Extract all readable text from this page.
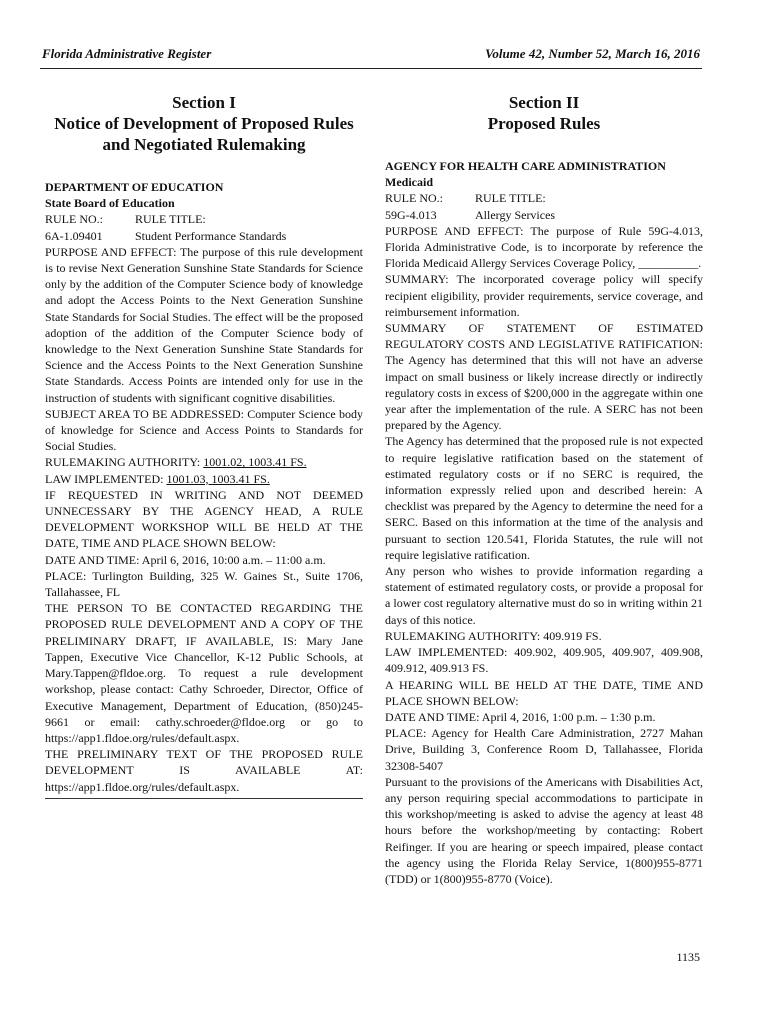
Florida Administrative Register	Volume 42, Number 52, March 16, 2016
Section I
Notice of Development of Proposed Rules
and Negotiated Rulemaking

DEPARTMENT OF EDUCATION

State Board of Education

RULE NO.:	RULE TITLE:
6A-1.09401	Student Performance Standards

PURPOSE AND EFFECT: The purpose of this rule development is to revise Next Generation Sunshine State Standards for Science only by the addition of the Computer Science body of knowledge and adopt the Access Points to the Next Generation Sunshine State Standards for Social Studies. The effect will be the proposed adoption of the addition of the Computer Science body of knowledge to the Next Generation Sunshine State Standards for Science and the Access Points to the Next Generation Sunshine State Standards. Access Points are intended only for use in the instruction of students with significant cognitive disabilities.

SUBJECT AREA TO BE ADDRESSED: Computer Science body of knowledge for Science and Access Points to Standards for Social Studies.

RULEMAKING AUTHORITY: 1001.02, 1003.41 FS.

LAW IMPLEMENTED: 1001.03, 1003.41 FS.

IF REQUESTED IN WRITING AND NOT DEEMED UNNECESSARY BY THE AGENCY HEAD, A RULE DEVELOPMENT WORKSHOP WILL BE HELD AT THE DATE, TIME AND PLACE SHOWN BELOW:

DATE AND TIME: April 6, 2016, 10:00 a.m. – 11:00 a.m.

PLACE: Turlington Building, 325 W. Gaines St., Suite 1706, Tallahassee, FL

THE PERSON TO BE CONTACTED REGARDING THE PROPOSED RULE DEVELOPMENT AND A COPY OF THE PRELIMINARY DRAFT, IF AVAILABLE, IS: Mary Jane Tappen, Executive Vice Chancellor, K-12 Public Schools, at Mary.Tappen@fldoe.org. To request a rule development workshop, please contact: Cathy Schroeder, Director, Office of Executive Management, Department of Education, (850)245-9661 or email: cathy.schroeder@fldoe.org or go to

https://app1.fldoe.org/rules/default.aspx.

THE PRELIMINARY TEXT OF THE PROPOSED RULE DEVELOPMENT IS AVAILABLE AT:

https://app1.fldoe.org/rules/default.aspx.

Section II
Proposed Rules

AGENCY FOR HEALTH CARE ADMINISTRATION

Medicaid

RULE NO.:	RULE TITLE:
59G-4.013	Allergy Services

PURPOSE AND EFFECT: The purpose of Rule 59G-4.013, Florida Administrative Code, is to incorporate by reference the Florida Medicaid Allergy Services Coverage Policy, __________.

SUMMARY: The incorporated coverage policy will specify recipient eligibility, provider requirements, service coverage, and reimbursement information.

SUMMARY OF STATEMENT OF ESTIMATED REGULATORY COSTS AND LEGISLATIVE RATIFICATION: The Agency has determined that this will not have an adverse impact on small business or likely increase directly or indirectly regulatory costs in excess of $200,000 in the aggregate within one year after the implementation of the rule. A SERC has not been prepared by the Agency.

The Agency has determined that the proposed rule is not expected to require legislative ratification based on the statement of estimated regulatory costs or if no SERC is required, the information expressly relied upon and described herein: A checklist was prepared by the Agency to determine the need for a SERC. Based on this information at the time of the analysis and pursuant to section 120.541, Florida Statutes, the rule will not require legislative ratification.

Any person who wishes to provide information regarding a statement of estimated regulatory costs, or provide a proposal for a lower cost regulatory alternative must do so in writing within 21 days of this notice.

RULEMAKING AUTHORITY: 409.919 FS.

LAW IMPLEMENTED: 409.902, 409.905, 409.907, 409.908, 409.912, 409.913 FS.

A HEARING WILL BE HELD AT THE DATE, TIME AND PLACE SHOWN BELOW:

DATE AND TIME: April 4, 2016, 1:00 p.m. – 1:30 p.m.

PLACE: Agency for Health Care Administration, 2727 Mahan Drive, Building 3, Conference Room D, Tallahassee, Florida 32308-5407

Pursuant to the provisions of the Americans with Disabilities Act, any person requiring special accommodations to participate in this workshop/meeting is asked to advise the agency at least 48 hours before the workshop/meeting by contacting: Robert Reifinger. If you are hearing or speech impaired, please contact the agency using the Florida Relay Service, 1(800)955-8771 (TDD) or 1(800)955-8770 (Voice).

1135
